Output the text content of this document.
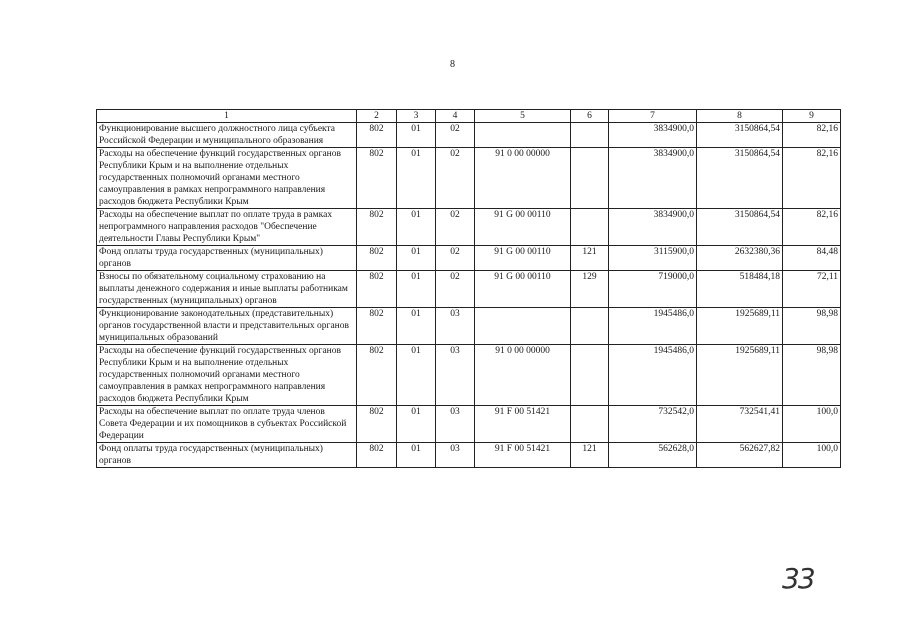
8
1	2	3	4	5	6	7	8	9
Функционирование высшего должностного лица субъекта Российской Федерации и муниципального образования	802	01	02			3834900,0	3150864,54	82,16
Расходы на обеспечение функций государственных органов Республики Крым и на выполнение отдельных государственных полномочий органами местного самоуправления в рамках непрограммного направления расходов бюджета Республики Крым	802	01	02	91 0 00 00000		3834900,0	3150864,54	82,16
Расходы на обеспечение выплат по оплате труда в рамках непрограммного направления расходов "Обеспечение деятельности Главы Республики Крым"	802	01	02	91 G 00 00110		3834900,0	3150864,54	82,16
Фонд оплаты труда государственных (муниципальных) органов	802	01	02	91 G 00 00110	121	3115900,0	2632380,36	84,48
Взносы по обязательному социальному страхованию на выплаты денежного содержания и иные выплаты работникам государственных (муниципальных) органов	802	01	02	91 G 00 00110	129	719000,0	518484,18	72,11
Функционирование законодательных (представительных) органов государственной власти и представительных органов муниципальных образований	802	01	03			1945486,0	1925689,11	98,98
Расходы на обеспечение функций государственных органов Республики Крым и на выполнение отдельных государственных полномочий органами местного самоуправления в рамках непрограммного направления расходов бюджета Республики Крым	802	01	03	91 0 00 00000		1945486,0	1925689,11	98,98
Расходы на обеспечение выплат по оплате труда членов Совета Федерации и их помощников в субъектах Российской Федерации	802	01	03	91 F 00 51421		732542,0	732541,41	100,0
Фонд оплаты труда государственных (муниципальных) органов	802	01	03	91 F 00 51421	121	562628,0	562627,82	100,0
33
